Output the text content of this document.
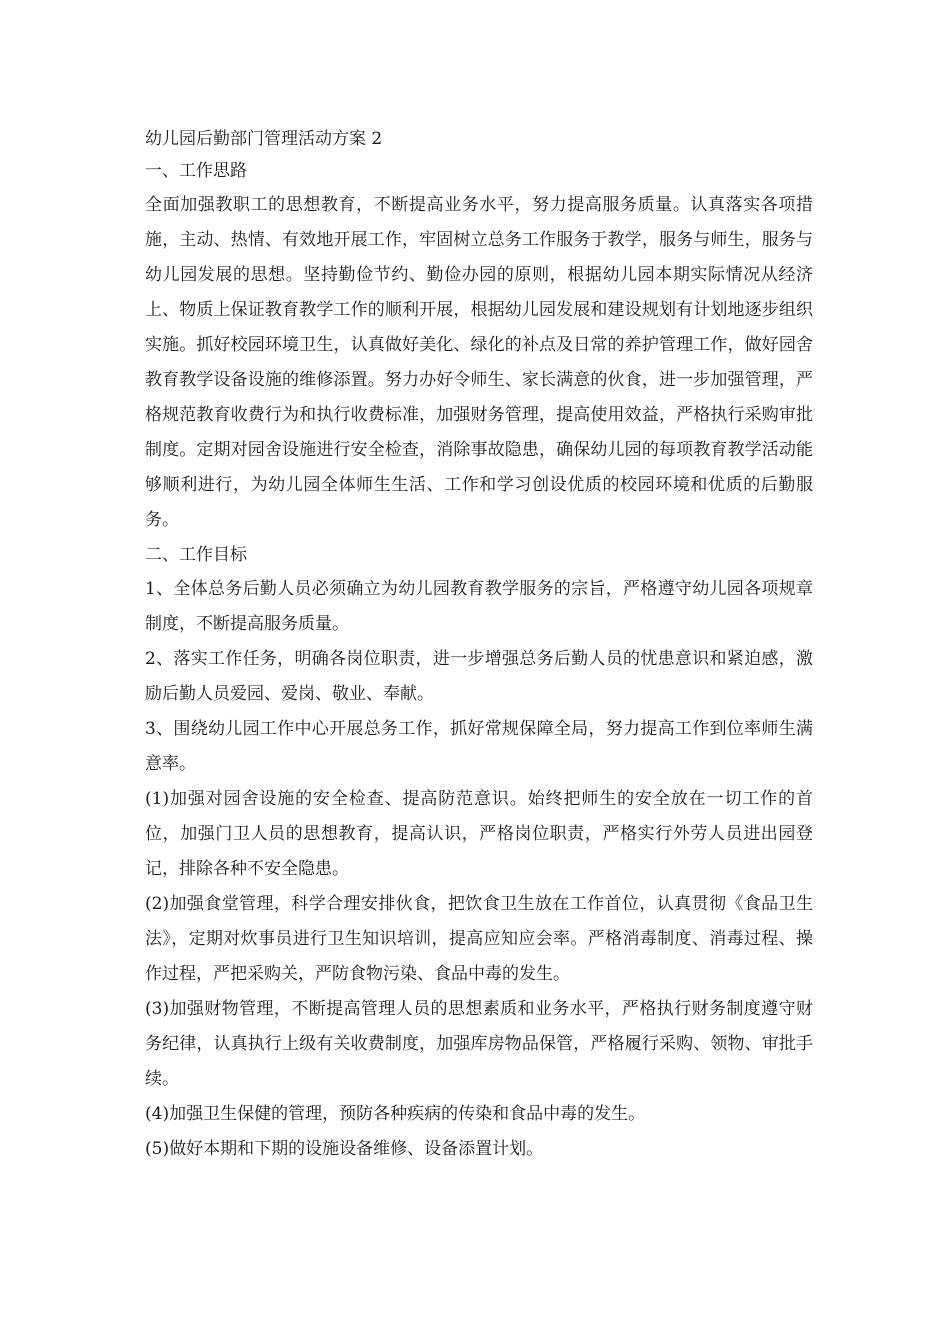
幼儿园后勤部门管理活动方案 2
一、工作思路

全面加强教职工的思想教育，不断提高业务水平，努力提高服务质量。认真落实各项措施，主动、热情、有效地开展工作，牢固树立总务工作服务于教学，服务与师生，服务与幼儿园发展的思想。坚持勤俭节约、勤俭办园的原则，根据幼儿园本期实际情况从经济上、物质上保证教育教学工作的顺利开展，根据幼儿园发展和建设规划有计划地逐步组织实施。抓好校园环境卫生，认真做好美化、绿化的补点及日常的养护管理工作，做好园舍教育教学设备设施的维修添置。努力办好令师生、家长满意的伙食，进一步加强管理，严格规范教育收费行为和执行收费标准，加强财务管理，提高使用效益，严格执行采购审批制度。定期对园舍设施进行安全检查，消除事故隐患，确保幼儿园的每项教育教学活动能够顺利进行，为幼儿园全体师生生活、工作和学习创设优质的校园环境和优质的后勤服务。

二、工作目标

1、全体总务后勤人员必须确立为幼儿园教育教学服务的宗旨，严格遵守幼儿园各项规章制度，不断提高服务质量。

2、落实工作任务，明确各岗位职责，进一步增强总务后勤人员的忧患意识和紧迫感，激励后勤人员爱园、爱岗、敬业、奉献。

3、围绕幼儿园工作中心开展总务工作，抓好常规保障全局，努力提高工作到位率师生满意率。

(1)加强对园舍设施的安全检查、提高防范意识。始终把师生的安全放在一切工作的首位，加强门卫人员的思想教育，提高认识，严格岗位职责，严格实行外劳人员进出园登记，排除各种不安全隐患。

(2)加强食堂管理，科学合理安排伙食，把饮食卫生放在工作首位，认真贯彻《食品卫生法》，定期对炊事员进行卫生知识培训，提高应知应会率。严格消毒制度、消毒过程、操作过程，严把采购关，严防食物污染、食品中毒的发生。

(3)加强财物管理，不断提高管理人员的思想素质和业务水平，严格执行财务制度遵守财务纪律，认真执行上级有关收费制度，加强库房物品保管，严格履行采购、领物、审批手续。

(4)加强卫生保健的管理，预防各种疾病的传染和食品中毒的发生。

(5)做好本期和下期的设施设备维修、设备添置计划。
